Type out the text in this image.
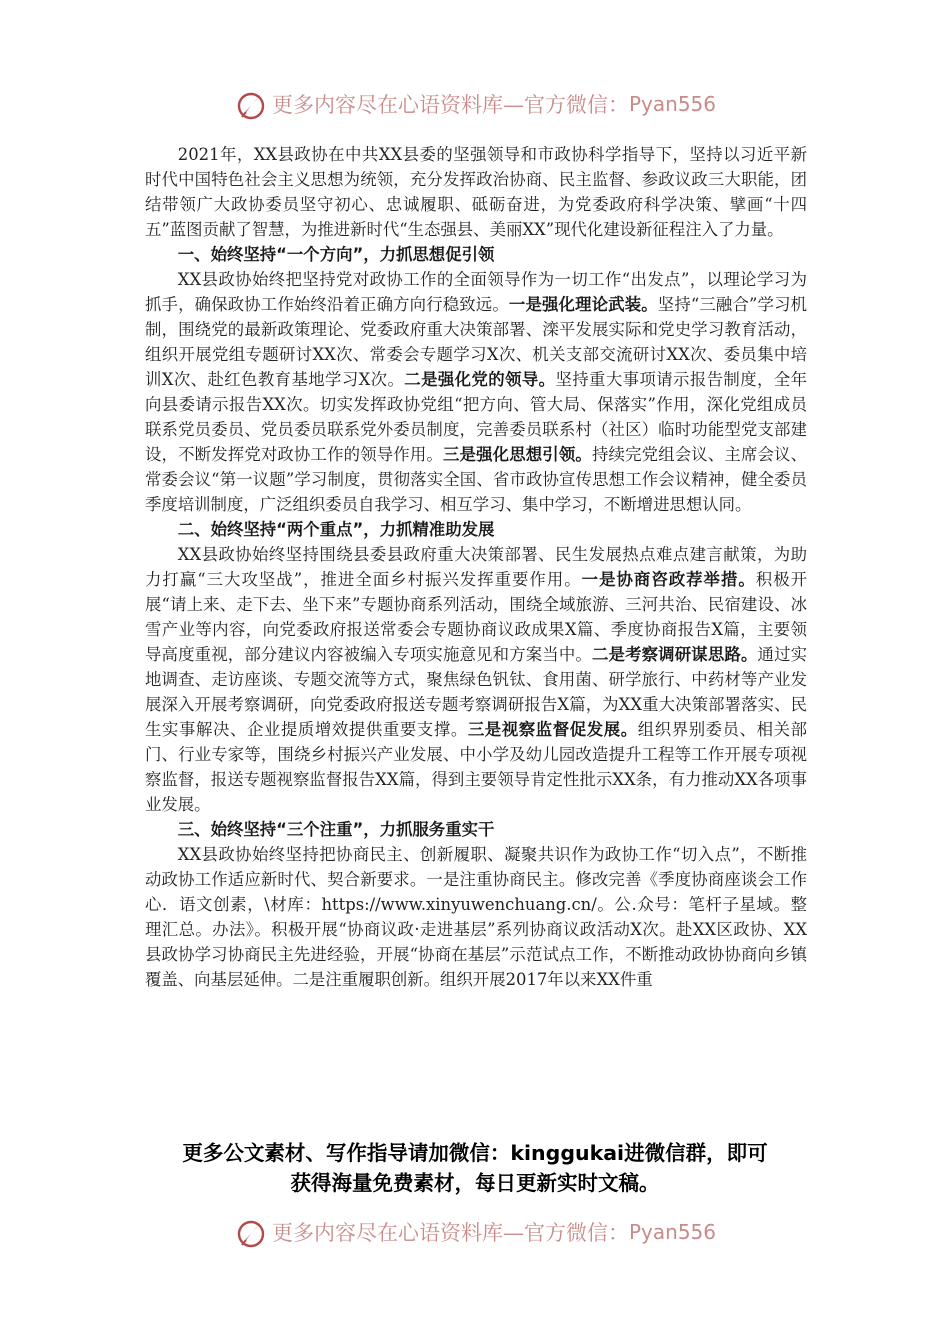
更多内容尽在心语资料库—官方微信： Pyan556

2021年，XX县政协在中共XX县委的坚强领导和市政协科学指导下，坚持以习近平新时代中国特色社会主义思想为统领，充分发挥政治协商、民主监督、参政议政三大职能，团结带领广大政协委员坚守初心、忠诚履职、砥砺奋进，为党委政府科学决策、擘画“十四五”蓝图贡献了智慧，为推进新时代“生态强县、美丽XX”现代化建设新征程注入了力量。

一、始终坚持“一个方向”，力抓思想促引领

XX县政协始终把坚持党对政协工作的全面领导作为一切工作“出发点”，以理论学习为抓手，确保政协工作始终沿着正确方向行稳致远。一是强化理论武装。坚持“三融合”学习机制，围绕党的最新政策理论、党委政府重大决策部署、滦平发展实际和党史学习教育活动，组织开展党组专题研讨XX次、常委会专题学习X次、机关支部交流研讨XX次、委员集中培训X次、赴红色教育基地学习X次。二是强化党的领导。坚持重大事项请示报告制度，全年向县委请示报告XX次。切实发挥政协党组“把方向、管大局、保落实”作用，深化党组成员联系党员委员、党员委员联系党外委员制度，完善委员联系村（社区）临时功能型党支部建设，不断发挥党对政协工作的领导作用。三是强化思想引领。持续完党组会议、主席会议、常委会议“第一议题”学习制度，贯彻落实全国、省市政协宣传思想工作会议精神，健全委员季度培训制度，广泛组织委员自我学习、相互学习、集中学习，不断增进思想认同。

二、始终坚持“两个重点”，力抓精准助发展

XX县政协始终坚持围绕县委县政府重大决策部署、民生发展热点难点建言献策，为助力打赢“三大攻坚战”，推进全面乡村振兴发挥重要作用。一是协商咨政荐举措。积极开展“请上来、走下去、坐下来”专题协商系列活动，围绕全域旅游、三河共治、民宿建设、冰雪产业等内容，向党委政府报送常委会专题协商议政成果X篇、季度协商报告X篇，主要领导高度重视，部分建议内容被编入专项实施意见和方案当中。二是考察调研谋思路。通过实地调查、走访座谈、专题交流等方式，聚焦绿色钒钛、食用菌、研学旅行、中药材等产业发展深入开展考察调研，向党委政府报送专题考察调研报告X篇，为XX重大决策部署落实、民生实事解决、企业提质增效提供重要支撑。三是视察监督促发展。组织界别委员、相关部门、行业专家等，围绕乡村振兴产业发展、中小学及幼儿园改造提升工程等工作开展专项视察监督，报送专题视察监督报告XX篇，得到主要领导肯定性批示XX条，有力推动XX各项事业发展。

三、始终坚持“三个注重”，力抓服务重实干

XX县政协始终坚持把协商民主、创新履职、凝聚共识作为政协工作“切入点”，不断推动政协工作适应新时代、契合新要求。一是注重协商民主。修改完善《季度协商座谈会工作心．语文创素，\材库：https://www.xinyuwenchuang.cn/。公.众号：笔杆子星域。整理汇总。办法》。积极开展“协商议政·走进基层”系列协商议政活动X次。赴XX区政协、XX县政协学习协商民主先进经验，开展“协商在基层”示范试点工作，不断推动政协协商向乡镇覆盖、向基层延伸。二是注重履职创新。组织开展2017年以来XX件重

更多公文素材、写作指导请加微信：kinggukai进微信群，即可
获得海量免费素材，每日更新实时文稿。
更多内容尽在心语资料库—官方微信： Pyan556
